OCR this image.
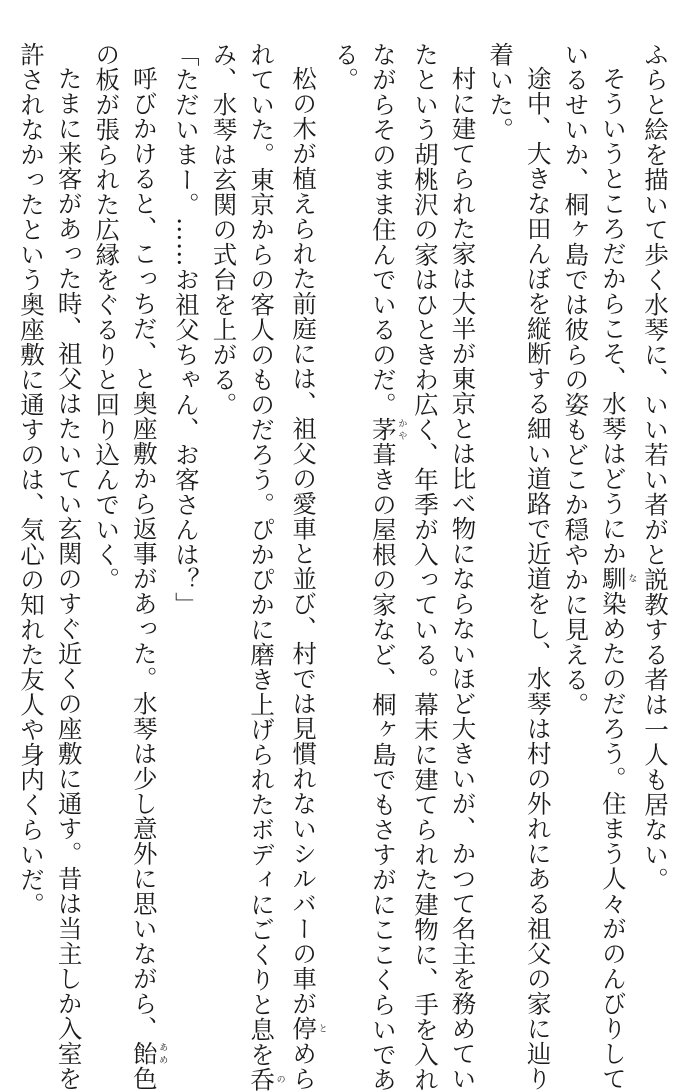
ふらと絵を描いて歩く水琴に、いい若い者がと説教する者は一人も居ない。
そういうところだからこそ、水琴はどうにか馴な染めたのだろう。住まう人々がのんびりして
いるせいか、桐ヶ島では彼らの姿もどこか穏やかに見える。
途中、大きな田んぼを縦断する細い道路で近道をし、水琴は村の外れにある祖父の家に辿り
着いた。
村に建てられた家は大半が東京とは比べ物にならないほど大きいが、かつて名主を務めてい
たという胡桃沢の家はひときわ広く、年季が入っている。幕末に建てられた建物に、手を入れ
ながらそのまま住んでいるのだ。茅かや葺きの屋根の家など、桐ヶ島でもさすがにここくらいであ
る。
松の木が植えられた前庭には、祖父の愛車と並び、村では見慣れないシルバーの車が停とめら
れていた。東京からの客人のものだろう。ぴかぴかに磨き上げられたボディにごくりと息を呑の
み、水琴は玄関の式台を上がる。
「ただいまー。……お祖父ちゃん、お客さんは？」
呼びかけると、こっちだ、と奥座敷から返事があった。水琴は少し意外に思いながら、飴あめ色
の板が張られた広縁をぐるりと回り込んでいく。
たまに来客があった時、祖父はたいてい玄関のすぐ近くの座敷に通す。昔は当主しか入室を
許されなかったという奥座敷に通すのは、気心の知れた友人や身内くらいだ。
